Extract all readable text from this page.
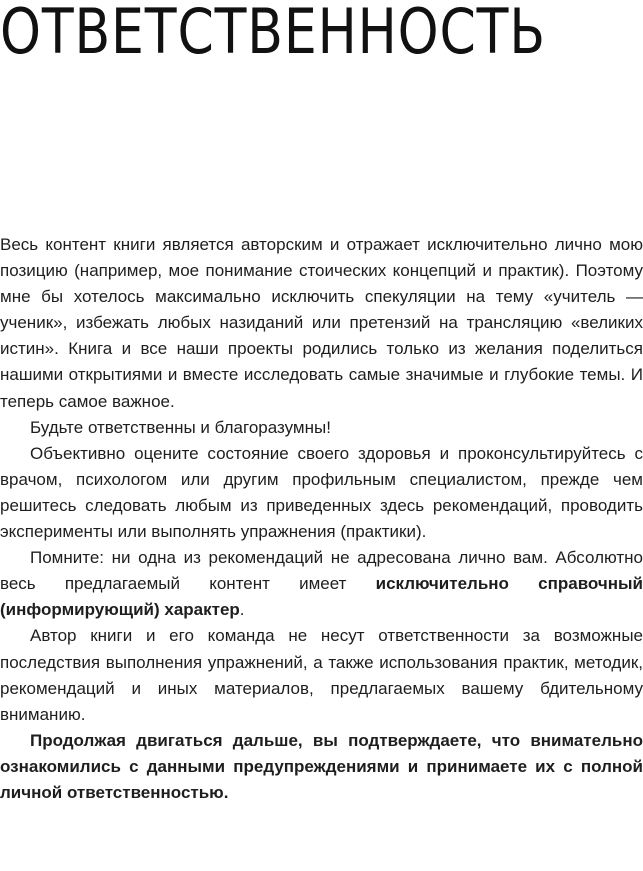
ОТВЕТСТВЕННОСТЬ

Весь контент книги является авторским и отражает исключительно лично мою позицию (например, мое понимание стоических концепций и практик). Поэтому мне бы хотелось максимально исключить спекуляции на тему «учитель — ученик», избежать любых назиданий или претензий на трансляцию «великих истин». Книга и все наши проекты родились только из желания поделиться нашими открытиями и вместе исследовать самые значимые и глубокие темы. И теперь самое важное.

Будьте ответственны и благоразумны!

Объективно оцените состояние своего здоровья и проконсультируйтесь с врачом, психологом или другим профильным специалистом, прежде чем решитесь следовать любым из приведенных здесь рекомендаций, проводить эксперименты или выполнять упражнения (практики).

Помните: ни одна из рекомендаций не адресована лично вам. Абсолютно весь предлагаемый контент имеет исключительно справочный (информирующий) характер.

Автор книги и его команда не несут ответственности за возможные последствия выполнения упражнений, а также использования практик, методик, рекомендаций и иных материалов, предлагаемых вашему бдительному вниманию.

Продолжая двигаться дальше, вы подтверждаете, что внимательно ознакомились с данными предупреждениями и принимаете их с полной личной ответственностью.
